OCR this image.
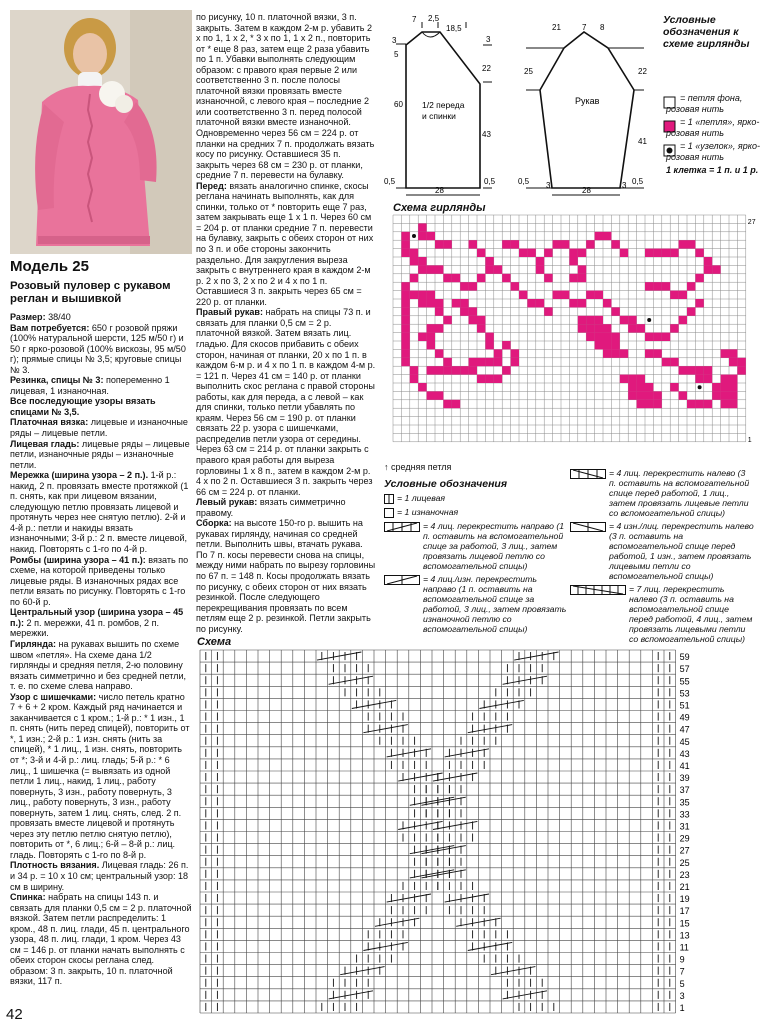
Модель 25
Розовый пуловер с рукавом реглан и вышивкой

Размер: 38/40

Вам потребуется: 650 г розовой пряжи (100% натуральной шерсти, 125 м/50 г) и 50 г ярко-розовой (100% вискозы, 95 м/50 г); прямые спицы № 3,5; круговые спицы № 3.

Резинка, спицы № 3: попеременно 1 лицевая, 1 изнаночная.

Все последующие узоры вязать спицами № 3,5.

Платочная вязка: лицевые и изнаночные ряды – лицевые петли.

Лицевая гладь: лицевые ряды – лицевые петли, изнаночные ряды – изнаночные петли.

Мережка (ширина узора – 2 п.). 1-й р.: накид, 2 п. провязать вместе протяжкой (1 п. снять, как при лицевом вязании, следующую петлю провязать лицевой и протянуть через нее снятую петлю). 2-й и 4-й р.: петли и накиды вязать изнаночными; 3-й р.: 2 п. вместе лицевой, накид. Повторять с 1-го по 4-й р.

Ромбы (ширина узора – 41 п.): вязать по схеме, на которой приведены только лицевые ряды. В изнаночных рядах все петли вязать по рисунку. Повторять с 1-го по 60-й р.

Центральный узор (ширина узора – 45 п.): 2 п. мережки, 41 п. ромбов, 2 п. мережки.

Гирлянда: на рукавах вышить по схеме швом «петля». На схеме дана 1/2 гирлянды и средняя петля, 2-ю половину вязать симметрично и без средней петли, т. е. по схеме слева направо.

Узор с шишечками: число петель кратно 7 + 6 + 2 кром. Каждый ряд начинается и заканчивается с 1 кром.; 1-й р.: * 1 изн., 1 п. снять (нить перед спицей), повторить от *, 1 изн.; 2-й р.: 1 изн. снять (нить за спицей), * 1 лиц., 1 изн. снять, повторить от *; 3-й и 4-й р.: лиц. гладь; 5-й р.: * 6 лиц., 1 шишечка (= вывязать из одной петли 1 лиц., накид, 1 лиц., работу повернуть, 3 изн., работу повернуть, 3 лиц., работу повернуть, 3 изн., работу повернуть, затем 1 лиц. снять, след. 2 п. провязать вместе лицевой и протянуть через эту петлю петлю снятую петлю), повторить от *, 6 лиц.; 6-й – 8-й р.: лиц. гладь. Повторять с 1-го по 8-й р.

Плотность вязания. Лицевая гладь: 26 п. и 34 р. = 10 х 10 см; центральный узор: 18 см в ширину.

Спинка: набрать на спицы 143 п. и связать для планки 0,5 см = 2 р. платочной вязкой. Затем петли распределить: 1 кром., 48 п. лиц. глади, 45 п. центрального узора, 48 п. лиц. глади, 1 кром. Через 43 см = 146 р. от планки начать выполнять с обеих сторон скосы реглана след. образом: 3 п. закрыть, 10 п. платочной вязки, 117 п.

42

по рисунку, 10 п. платочной вязки, 3 п. закрыть. Затем в каждом 2-м р. убавить 2 х по 1, 1 х 2, * 3 х по 1, 1 х 2 п., повторить от * еще 8 раз, затем еще 2 раза убавить по 1 п. Убавки выполнять следующим образом: с правого края первые 2 или соответственно 3 п. после полосы платочной вязки провязать вместе изнаночной, с левого края – последние 2 или соответственно 3 п. перед полосой платочной вязки вместе изнаночной. Одновременно через 56 см = 224 р. от планки на средних 7 п. продолжать вязать косу по рисунку. Оставшиеся 35 п. закрыть через 68 см = 230 р. от планки, средние 7 п. перевести на булавку.

Перед: вязать аналогично спинке, скосы реглана начинать выполнять, как для спинки, только от * повторить еще 7 раз, затем закрывать еще 1 х 1 п. Через 60 см = 204 р. от планки средние 7 п. перевести на булавку, закрыть с обеих сторон от них по 3 п. и обе стороны закончить раздельно. Для закругления выреза закрыть с внутреннего края в каждом 2-м р. 2 х по 3, 2 х по 2 и 4 х по 1 п. Оставшиеся 3 п. закрыть через 65 см = 220 р. от планки.

Правый рукав: набрать на спицы 73 п. и связать для планки 0,5 см = 2 р. платочной вязкой. Затем вязать лиц. гладью. Для скосов прибавить с обеих сторон, начиная от планки, 20 х по 1 п. в каждом 6-м р. и 4 х по 1 п. в каждом 4-м р. = 121 п. Через 41 см = 140 р. от планки выполнить скос реглана с правой стороны работы, как для переда, а с левой – как для спинки, только петли убавлять по краям. Через 56 см = 190 р. от планки связать 22 р. узора с шишечками, распределив петли узора от середины. Через 63 см = 214 р. от планки закрыть с правого края работы для выреза горловины 1 х 8 п., затем в каждом 2-м р. 4 х по 2 п. Оставшиеся 3 п. закрыть через 66 см = 224 р. от планки.

Левый рукав: вязать симметрично правому.

Сборка: на высоте 150-го р. вышить на рукавах гирлянду, начиная со средней петли. Выполнить швы, втачать рукава. По 7 п. косы перевести снова на спицы, между ними набрать по вырезу горловины по 67 п. = 148 п. Косы продолжать вязать по рисунку, с обеих сторон от них вязать резинкой. После следующего перекрещивания провязать по всем петлям еще 2 р. резинкой. Петли закрыть по рисунку.

7 2,5
18,5
3
5
3
60
22
43
0,5	0,5
28
1/2 переда и спинки
21	7 8
25	22
41
0,5	0,5
28
3	3
Рукав
Условные обозначения к схеме гирлянды
= петля фона, розовая нить
= 1 «петля», ярко-розовая нить
= 1 «узелок», ярко-розовая нить
1 клетка = 1 п. и 1 р.
Схема гирлянды
27
1
↑ средняя петля
Условные обозначения
= 1 лицевая
= 1 изнаночная
= 4 лиц. перекрестить направо (1 п. оставить на вспомогательной спице за работой, 3 лиц., затем провязать лицевой петлю со вспомогательной спицы)
= 4 лиц./изн. перекрестить направо (1 п. оставить на вспомогательной спице за работой, 3 лиц., затем провязать изнаночной петлю со вспомогательной спицы)
= 4 лиц. перекрестить налево (3 п. оставить на вспомогательной спице перед работой, 1 лиц., затем провязать лицевые петли со вспомогательной спицы)
= 4 изн./лиц. перекрестить налево (3 п. оставить на вспомогательной спице перед работой, 1 изн., затем провязать лицевыми петли со вспомогательной спицы)
= 7 лиц. перекрестить налево (3 п. оставить на вспомогательной спице перед работой, 4 лиц., затем провязать лицевыми петли со вспомогательной спицы)
Схема
59
57
55
53
51
49
47
45
43
41
39
37
35
33
31
29
27
25
23
21
19
17
15
13
11
9
7
5
3
1
